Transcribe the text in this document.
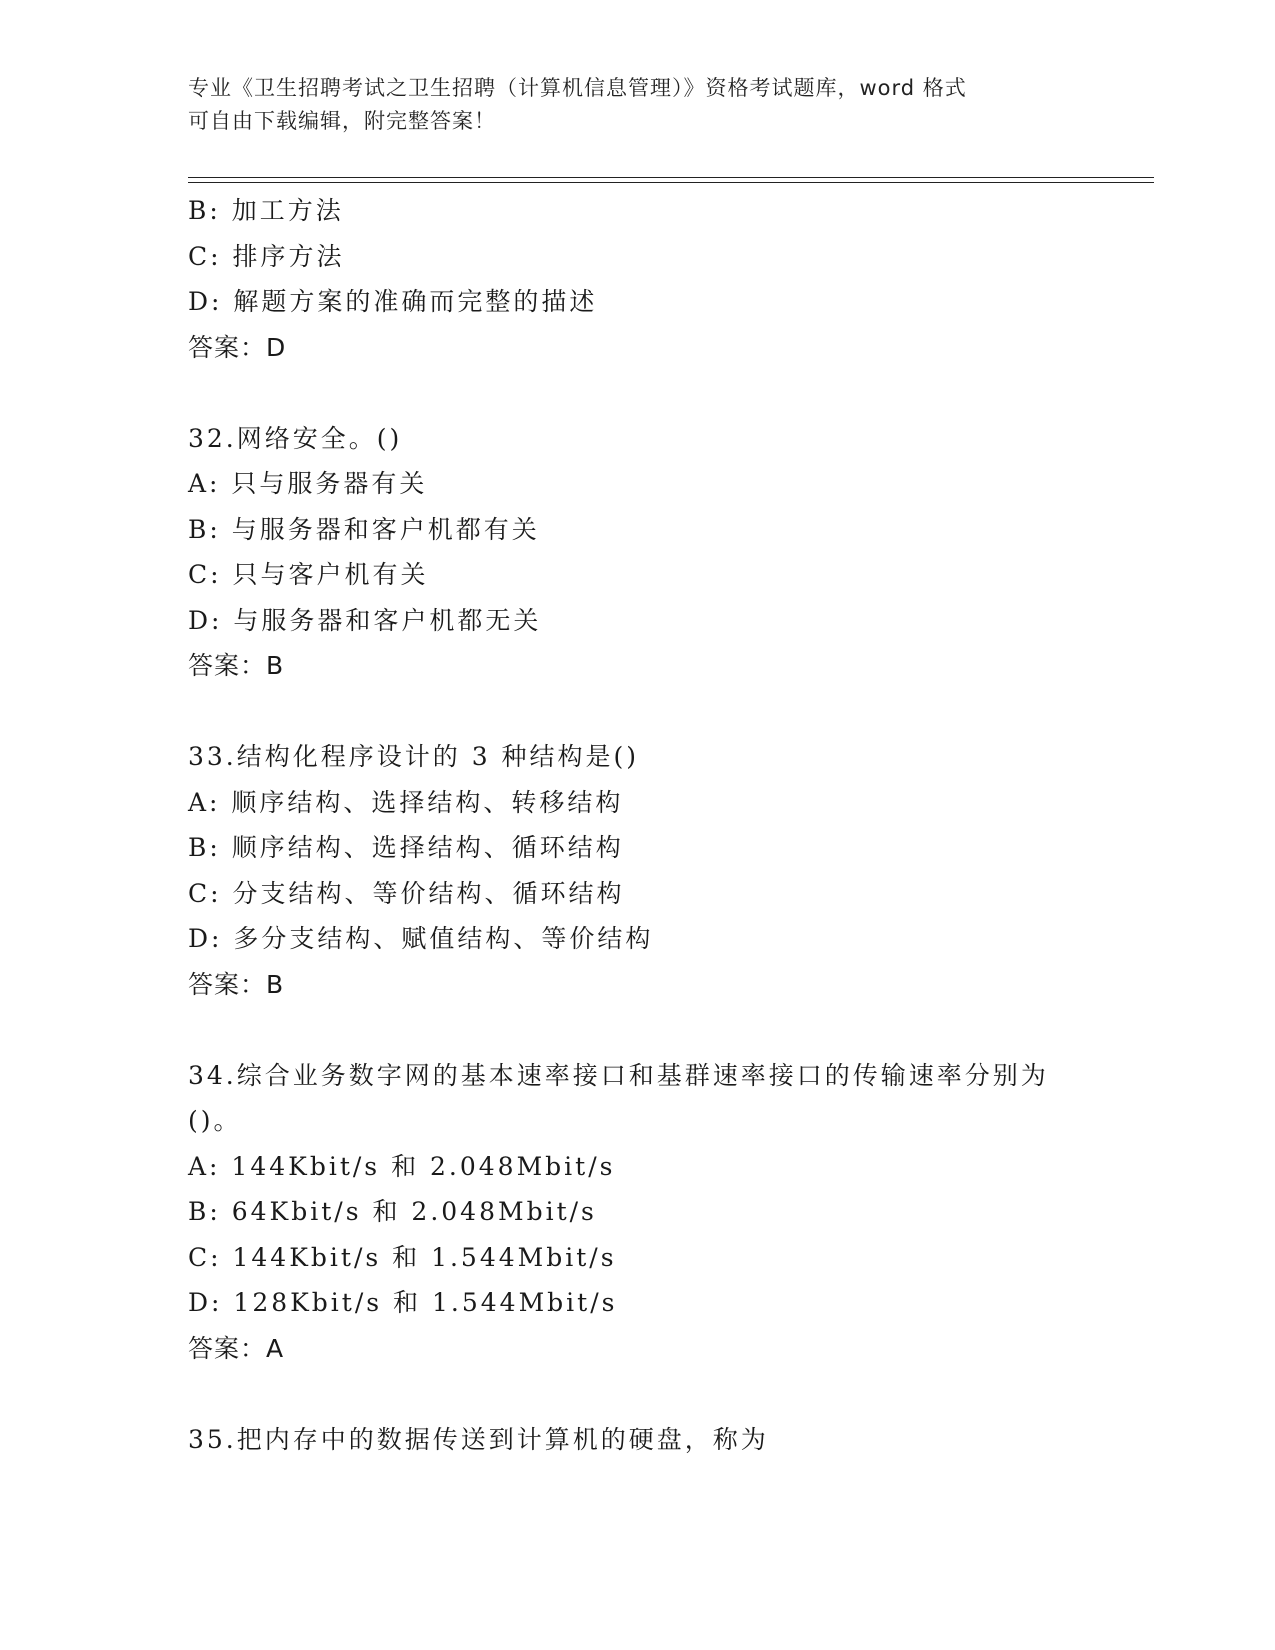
专业《卫生招聘考试之卫生招聘（计算机信息管理）》资格考试题库，word 格式
可自由下载编辑，附完整答案！
B: 加工方法
C: 排序方法
D: 解题方案的准确而完整的描述
答案：D
32.网络安全。()
A: 只与服务器有关
B: 与服务器和客户机都有关
C: 只与客户机有关
D: 与服务器和客户机都无关
答案：B
33.结构化程序设计的 3 种结构是()
A: 顺序结构、选择结构、转移结构
B: 顺序结构、选择结构、循环结构
C: 分支结构、等价结构、循环结构
D: 多分支结构、赋值结构、等价结构
答案：B
34.综合业务数字网的基本速率接口和基群速率接口的传输速率分别为
()。
A: 144Kbit/s 和 2.048Mbit/s
B: 64Kbit/s 和 2.048Mbit/s
C: 144Kbit/s 和 1.544Mbit/s
D: 128Kbit/s 和 1.544Mbit/s
答案：A
35.把内存中的数据传送到计算机的硬盘，称为
